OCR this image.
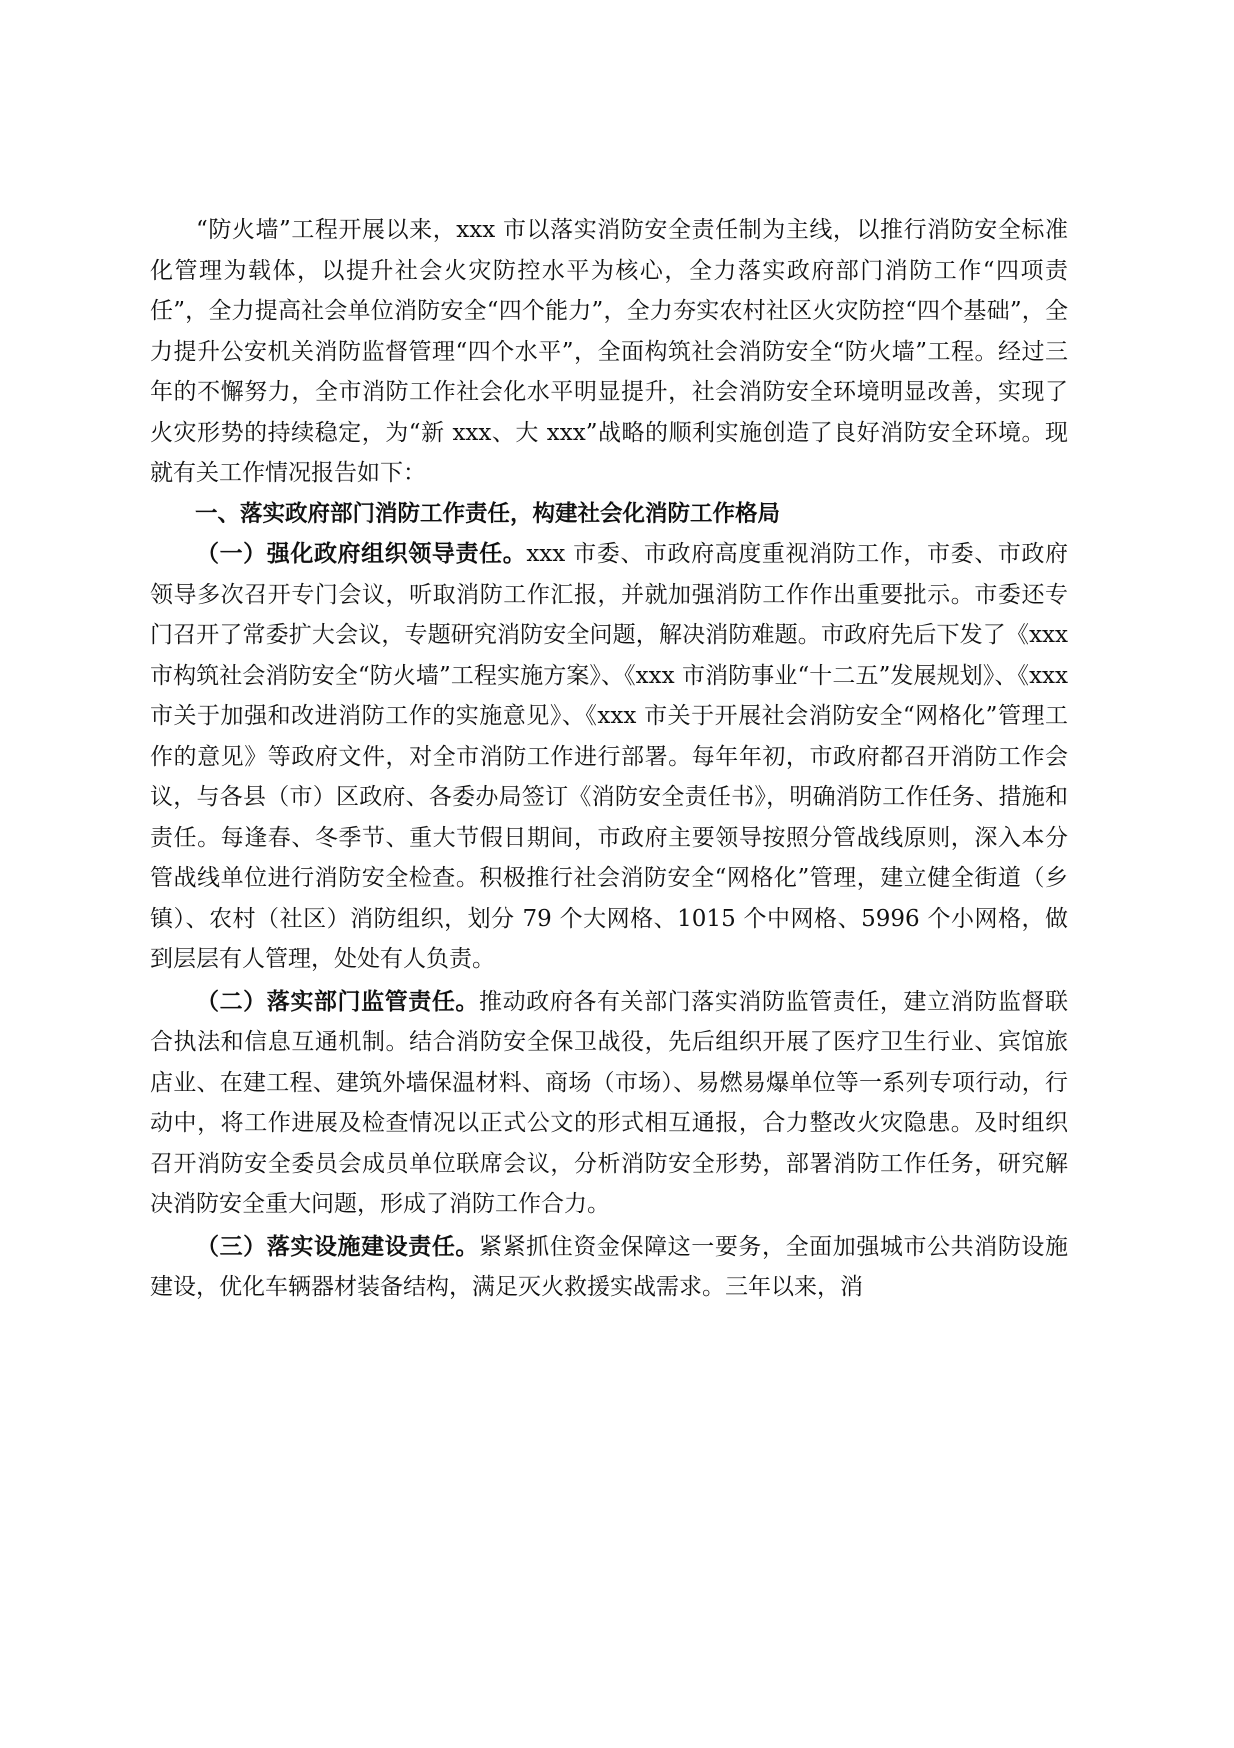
“防火墙”工程开展以来，xxx 市以落实消防安全责任制为主线，以推行消防安全标准化管理为载体，以提升社会火灾防控水平为核心，全力落实政府部门消防工作“四项责任”，全力提高社会单位消防安全“四个能力”，全力夯实农村社区火灾防控“四个基础”，全力提升公安机关消防监督管理“四个水平”，全面构筑社会消防安全“防火墙”工程。经过三年的不懈努力，全市消防工作社会化水平明显提升，社会消防安全环境明显改善，实现了火灾形势的持续稳定，为“新 xxx、大 xxx”战略的顺利实施创造了良好消防安全环境。现就有关工作情况报告如下：

一、落实政府部门消防工作责任，构建社会化消防工作格局

（一）强化政府组织领导责任。xxx 市委、市政府高度重视消防工作，市委、市政府领导多次召开专门会议，听取消防工作汇报，并就加强消防工作作出重要批示。市委还专门召开了常委扩大会议，专题研究消防安全问题，解决消防难题。市政府先后下发了《xxx 市构筑社会消防安全“防火墙”工程实施方案》、《xxx 市消防事业“十二五”发展规划》、《xxx 市关于加强和改进消防工作的实施意见》、《xxx 市关于开展社会消防安全“网格化”管理工作的意见》等政府文件，对全市消防工作进行部署。每年年初，市政府都召开消防工作会议，与各县（市）区政府、各委办局签订《消防安全责任书》，明确消防工作任务、措施和责任。每逢春、冬季节、重大节假日期间，市政府主要领导按照分管战线原则，深入本分管战线单位进行消防安全检查。积极推行社会消防安全“网格化”管理，建立健全街道（乡镇）、农村（社区）消防组织，划分 79 个大网格、1015 个中网格、5996 个小网格，做到层层有人管理，处处有人负责。

（二）落实部门监管责任。推动政府各有关部门落实消防监管责任，建立消防监督联合执法和信息互通机制。结合消防安全保卫战役，先后组织开展了医疗卫生行业、宾馆旅店业、在建工程、建筑外墙保温材料、商场（市场）、易燃易爆单位等一系列专项行动，行动中，将工作进展及检查情况以正式公文的形式相互通报，合力整改火灾隐患。及时组织召开消防安全委员会成员单位联席会议，分析消防安全形势，部署消防工作任务，研究解决消防安全重大问题，形成了消防工作合力。

（三）落实设施建设责任。紧紧抓住资金保障这一要务，全面加强城市公共消防设施建设，优化车辆器材装备结构，满足灭火救援实战需求。三年以来，消
